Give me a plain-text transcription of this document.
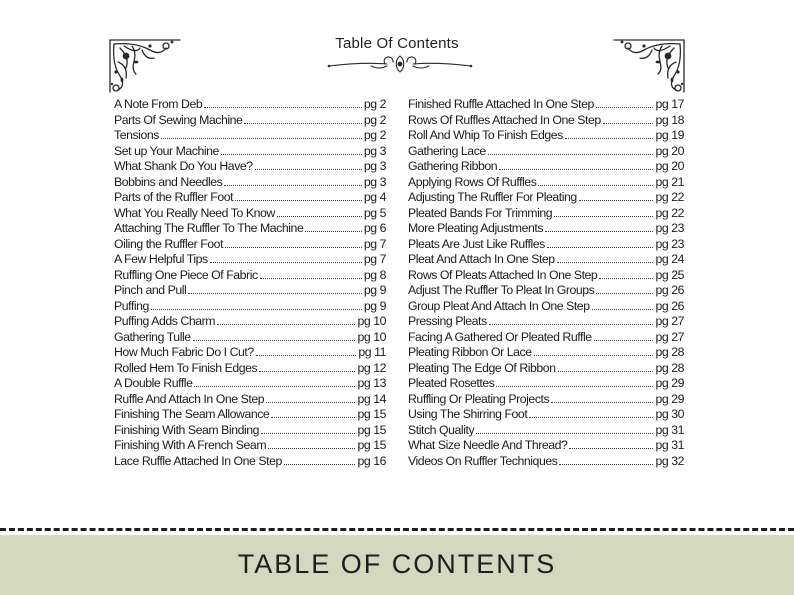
Table Of Contents
A Note From Deb	pg 2
Parts Of Sewing Machine	pg 2
Tensions	pg 2
Set up Your Machine	pg 3
What Shank Do You Have?	pg 3
Bobbins and Needles	pg 3
Parts of the Ruffler Foot	pg 4
What You Really Need To Know	pg 5
Attaching The Ruffler To The Machine	pg 6
Oiling the Ruffler Foot	pg 7
A Few Helpful Tips	pg 7
Ruffling One Piece Of Fabric	pg 8
Pinch and Pull	pg 9
Puffing	pg 9
Puffing Adds Charm	pg 10
Gathering Tulle	pg 10
How Much Fabric Do I Cut?	pg 11
Rolled Hem To Finish Edges	pg 12
A Double Ruffle	pg 13
Ruffle And Attach In One Step	pg 14
Finishing The Seam Allowance	pg 15
Finishing With Seam Binding	pg 15
Finishing With A French Seam	pg 15
Lace Ruffle Attached In One Step	pg 16
Finished Ruffle Attached In One Step	pg 17
Rows Of Ruffles Attached In One Step	pg 18
Roll And Whip To Finish Edges	pg 19
Gathering Lace	pg 20
Gathering Ribbon	pg 20
Applying Rows Of Ruffles	pg 21
Adjusting The Ruffler For Pleating	pg 22
Pleated Bands For Trimming	pg 22
More Pleating Adjustments	pg 23
Pleats Are Just Like Ruffles	pg 23
Pleat And Attach In One Step	pg 24
Rows Of Pleats Attached In One Step	pg 25
Adjust The Ruffler To Pleat In Groups	pg 26
Group Pleat And Attach In One Step	pg 26
Pressing Pleats	pg 27
Facing A Gathered Or Pleated Ruffle	pg 27
Pleating Ribbon Or Lace	pg 28
Pleating The Edge Of Ribbon	pg 28
Pleated Rosettes	pg 29
Ruffling Or Pleating Projects	pg 29
Using The Shirring Foot	pg 30
Stitch Quality	pg 31
What Size Needle And Thread?	pg 31
Videos On Ruffler Techniques	pg 32
TABLE OF CONTENTS
